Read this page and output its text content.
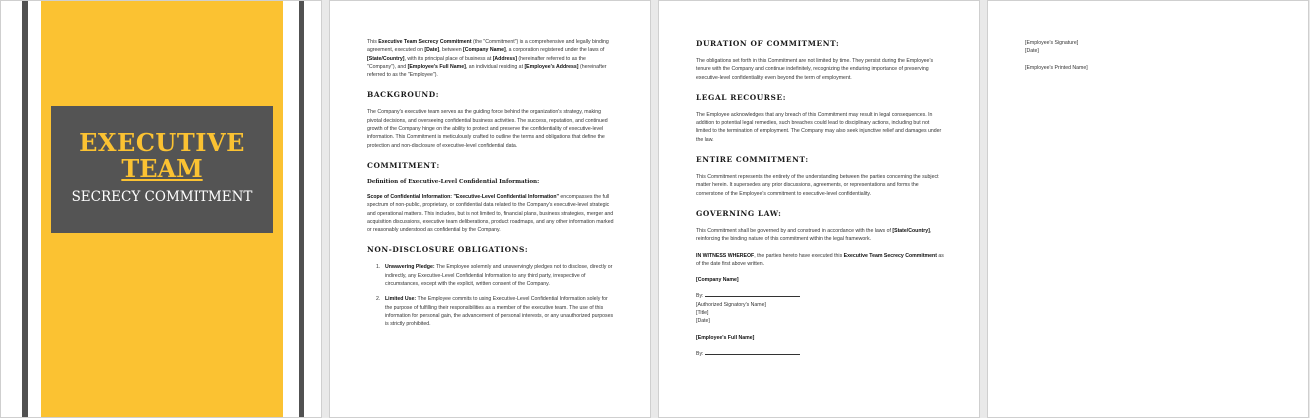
EXECUTIVE
TEAM
SECRECY COMMITMENT

This Executive Team Secrecy Commitment (the "Commitment") is a comprehensive and legally binding agreement, executed on [Date], between [Company Name], a corporation registered under the laws of [State/Country], with its principal place of business at [Address] (hereinafter referred to as the "Company"), and [Employee's Full Name], an individual residing at [Employee's Address] (hereinafter referred to as the "Employee").

BACKGROUND:

The Company's executive team serves as the guiding force behind the organization's strategy, making pivotal decisions, and overseeing confidential business activities. The success, reputation, and continued growth of the Company hinge on the ability to protect and preserve the confidentiality of executive-level information. This Commitment is meticulously crafted to outline the terms and obligations that define the protection and non-disclosure of executive-level confidential data.

COMMITMENT:
Definition of Executive-Level Confidential Information:

Scope of Confidential Information: "Executive-Level Confidential Information" encompasses the full spectrum of non-public, proprietary, or confidential data related to the Company's executive-level strategic and operational matters. This includes, but is not limited to, financial plans, business strategies, merger and acquisition discussions, executive team deliberations, product roadmaps, and any other information marked or reasonably understood as confidential by the Company.

NON-DISCLOSURE OBLIGATIONS:
1. Unwavering Pledge: The Employee solemnly and unswervingly pledges not to disclose, directly or indirectly, any Executive-Level Confidential Information to any third party, irrespective of circumstances, except with the explicit, written consent of the Company.
2. Limited Use: The Employee commits to using Executive-Level Confidential Information solely for the purpose of fulfilling their responsibilities as a member of the executive team. The use of this information for personal gain, the advancement of personal interests, or any unauthorized purposes is strictly prohibited.
DURATION OF COMMITMENT:

The obligations set forth in this Commitment are not limited by time. They persist during the Employee's tenure with the Company and continue indefinitely, recognizing the enduring importance of preserving executive-level confidentiality even beyond the term of employment.

LEGAL RECOURSE:

The Employee acknowledges that any breach of this Commitment may result in legal consequences. In addition to potential legal remedies, such breaches could lead to disciplinary actions, including but not limited to the termination of employment. The Company may also seek injunctive relief and damages under the law.

ENTIRE COMMITMENT:

This Commitment represents the entirety of the understanding between the parties concerning the subject matter herein. It supersedes any prior discussions, agreements, or representations and forms the cornerstone of the Employee's commitment to executive-level confidentiality.

GOVERNING LAW:

This Commitment shall be governed by and construed in accordance with the laws of [State/Country], reinforcing the binding nature of this commitment within the legal framework.

IN WITNESS WHEREOF, the parties hereto have executed this Executive Team Secrecy Commitment as of the date first above written.

[Company Name]

By:

[Authorized Signatory's Name]

[Title]

[Date]

[Employee's Full Name]

By:

[Employee's Signature]

[Date]

[Employee's Printed Name]
